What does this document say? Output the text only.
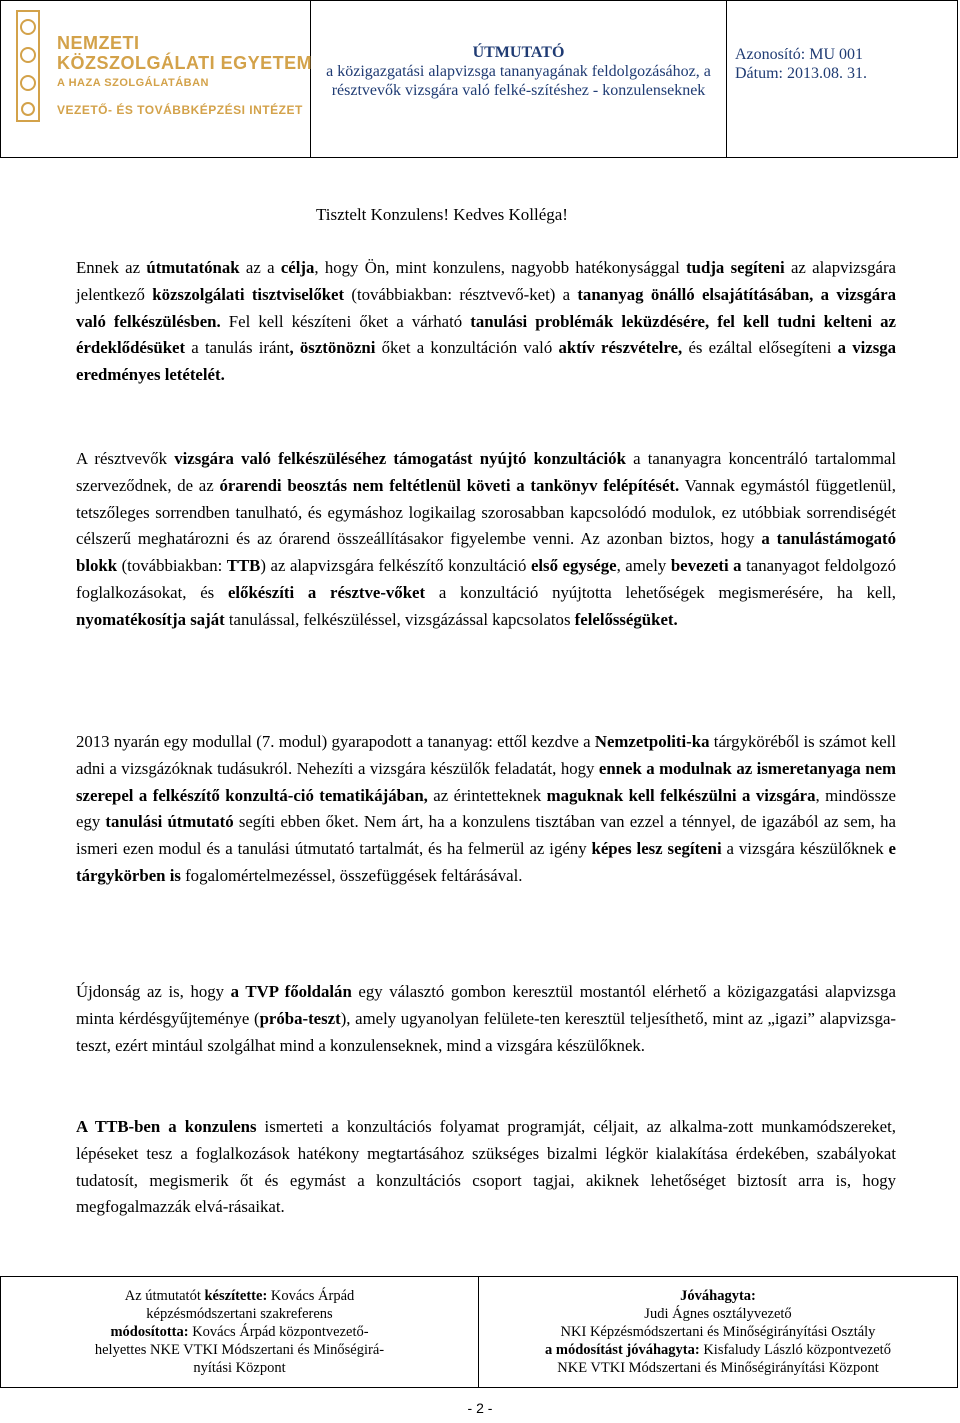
NEMZETI
KÖZSZOLGÁLATI EGYETEM
A HAZA SZOLGÁLATÁBAN
VEZETŐ- ÉS TOVÁBBKÉPZÉSI INTÉZET
ÚTMUTATÓ
a közigazgatási alapvizsga tananyagának feldolgozásához, a résztvevők vizsgára való felké-szítéshez - konzulenseknek
Azonosító: MU 001
Dátum: 2013.08. 31.
Tisztelt Konzulens! Kedves Kolléga!

Ennek az útmutatónak az a célja, hogy Ön, mint konzulens, nagyobb hatékonysággal tudja segíteni az alapvizsgára jelentkező közszolgálati tisztviselőket (továbbiakban: résztvevő-ket) a tananyag önálló elsajátításában, a vizsgára való felkészülésben. Fel kell készíteni őket a várható tanulási problémák leküzdésére, fel kell tudni kelteni az érdeklődésüket a tanulás iránt, ösztönözni őket a konzultáción való aktív részvételre, és ezáltal elősegíteni a vizsga eredményes letételét.

A résztvevők vizsgára való felkészüléséhez támogatást nyújtó konzultációk a tananyagra koncentráló tartalommal szerveződnek, de az órarendi beosztás nem feltétlenül követi a tankönyv felépítését. Vannak egymástól függetlenül, tetszőleges sorrendben tanulható, és egymáshoz logikailag szorosabban kapcsolódó modulok, ez utóbbiak sorrendiségét célszerű meghatározni és az órarend összeállításakor figyelembe venni. Az azonban biztos, hogy a tanulástámogató blokk (továbbiakban: TTB) az alapvizsgára felkészítő konzultáció első egysége, amely bevezeti a tananyagot feldolgozó foglalkozásokat, és előkészíti a résztve-vőket a konzultáció nyújtotta lehetőségek megismerésére, ha kell, nyomatékosítja saját tanulással, felkészüléssel, vizsgázással kapcsolatos felelősségüket.

2013 nyarán egy modullal (7. modul) gyarapodott a tananyag: ettől kezdve a Nemzetpoliti-ka tárgyköréből is számot kell adni a vizsgázóknak tudásukról. Nehezíti a vizsgára készülők feladatát, hogy ennek a modulnak az ismeretanyaga nem szerepel a felkészítő konzultá-ció tematikájában, az érintetteknek maguknak kell felkészülni a vizsgára, mindössze egy tanulási útmutató segíti ebben őket. Nem árt, ha a konzulens tisztában van ezzel a ténnyel, de igazából az sem, ha ismeri ezen modul és a tanulási útmutató tartalmát, és ha felmerül az igény képes lesz segíteni a vizsgára készülőknek e tárgykörben is fogalomértelmezéssel, összefüggések feltárásával.

Újdonság az is, hogy a TVP főoldalán egy választó gombon keresztül mostantól elérhető a közigazgatási alapvizsga minta kérdésgyűjteménye (próba-teszt), amely ugyanolyan felülete-ten keresztül teljesíthető, mint az „igazi” alapvizsga-teszt, ezért mintául szolgálhat mind a konzulenseknek, mind a vizsgára készülőknek.

A TTB-ben a konzulens ismerteti a konzultációs folyamat programját, céljait, az alkalma-zott munkamódszereket, lépéseket tesz a foglalkozások hatékony megtartásához szükséges bizalmi légkör kialakítása érdekében, szabályokat tudatosít, megismerik őt és egymást a konzultációs csoport tagjai, akiknek lehetőséget biztosít arra is, hogy megfogalmazzák elvá-rásaikat.

Az útmutatót készítette: Kovács Árpád
képzésmódszertani szakreferens
módosította: Kovács Árpád központvezető-
helyettes NKE VTKI Módszertani és Minőségirá-
nyítási Központ
Jóváhagyta:
Judi Ágnes osztályvezető
NKI Képzésmódszertani és Minőségirányítási Osztály
a módosítást jóváhagyta: Kisfaludy László központvezető
NKE VTKI Módszertani és Minőségirányítási Központ
- 2 -
